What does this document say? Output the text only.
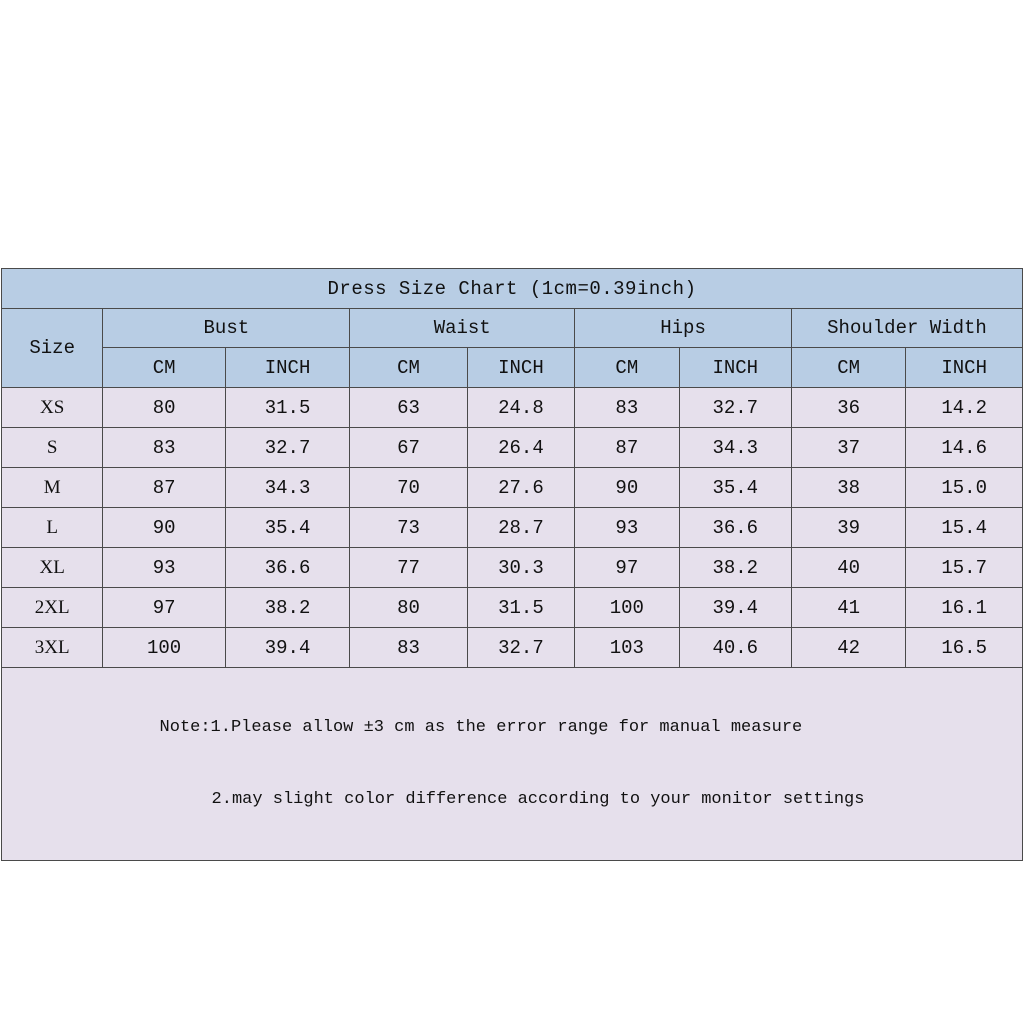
Dress Size Chart (1cm=0.39inch)								
Size	Bust		Waist		Hips		Shoulder Width	
	CM	INCH	CM	INCH	CM	INCH	CM	INCH
XS	80	31.5	63	24.8	83	32.7	36	14.2
S	83	32.7	67	26.4	87	34.3	37	14.6
M	87	34.3	70	27.6	90	35.4	38	15.0
L	90	35.4	73	28.7	93	36.6	39	15.4
XL	93	36.6	77	30.3	97	38.2	40	15.7
2XL	97	38.2	80	31.5	100	39.4	41	16.1
3XL	100	39.4	83	32.7	103	40.6	42	16.5

Note:1.Please allow ±3 cm as the error range for manual measure

2.may slight color difference according to your monitor settings								
